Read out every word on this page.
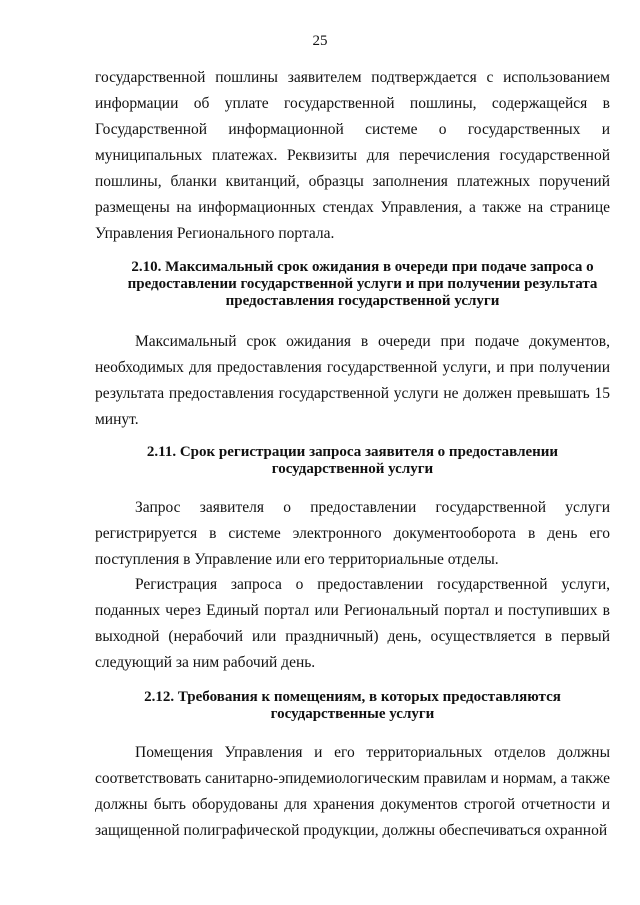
25
государственной пошлины заявителем подтверждается с использованием информации об уплате государственной пошлины, содержащейся в Государственной информационной системе о государственных и муниципальных платежах. Реквизиты для перечисления государственной пошлины, бланки квитанций, образцы заполнения платежных поручений размещены на информационных стендах Управления, а также на странице Управления Регионального портала.
2.10. Максимальный срок ожидания в очереди при подаче запроса о предоставлении государственной услуги и при получении результата предоставления государственной услуги
Максимальный срок ожидания в очереди при подаче документов, необходимых для предоставления государственной услуги, и при получении результата предоставления государственной услуги не должен превышать 15 минут.
2.11. Срок регистрации запроса заявителя о предоставлении государственной услуги
Запрос заявителя о предоставлении государственной услуги регистрируется в системе электронного документооборота в день его поступления в Управление или его территориальные отделы.
Регистрация запроса о предоставлении государственной услуги, поданных через Единый портал или Региональный портал и поступивших в выходной (нерабочий или праздничный) день, осуществляется в первый следующий за ним рабочий день.
2.12. Требования к помещениям, в которых предоставляются государственные услуги
Помещения Управления и его территориальных отделов должны соответствовать санитарно-эпидемиологическим правилам и нормам, а также должны быть оборудованы для хранения документов строгой отчетности и защищенной полиграфической продукции, должны обеспечиваться охранной
